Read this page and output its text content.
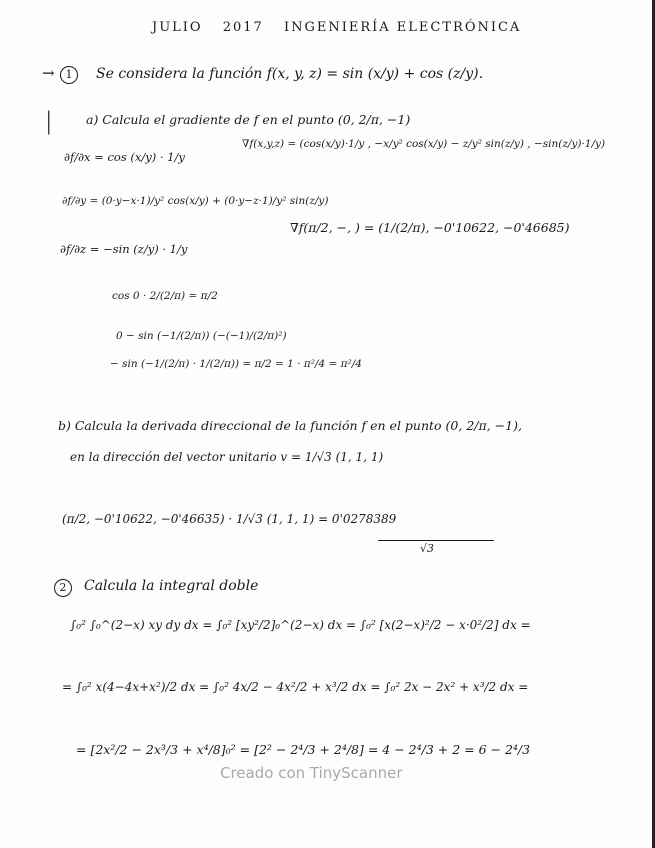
JULIO 2017 INGENIERÍA ELECTRÓNICA
→ 1	Se considera la función f(x, y, z) = sin (x/y) + cos (z/y).
a) Calcula el gradiente de f en el punto (0, 2/π, −1)
∂f/∂x = cos (x/y) · 1/y
∇f(x,y,z) = (cos(x/y)·1/y , −x/y² cos(x/y) − z/y² sin(z/y) , −sin(z/y)·1/y)
∂f/∂y = (0·y−x·1)/y² cos(x/y) + (0·y−z·1)/y² sin(z/y)
∇f(π/2, −, ) = (1/(2/π), −0'10622, −0'46685)
∂f/∂z = −sin (z/y) · 1/y
cos 0 · 2/(2/π) = π/2
0 − sin (−1/(2/π)) (−(−1)/(2/π)²)
− sin (−1/(2/π) · 1/(2/π)) = π/2 = 1 · π²/4 = π²/4
b) Calcula la derivada direccional de la función f en el punto (0, 2/π, −1),
en la dirección del vector unitario v = 1/√3 (1, 1, 1)
(π/2, −0'10622, −0'46635) · 1/√3 (1, 1, 1) = 0'0278389
√3
2	Calcula la integral doble
∫₀² ∫₀^(2−x) xy dy dx = ∫₀² [xy²/2]₀^(2−x) dx = ∫₀² [x(2−x)²/2 − x·0²/2] dx =
= ∫₀² x(4−4x+x²)/2 dx = ∫₀² 4x/2 − 4x²/2 + x³/2 dx = ∫₀² 2x − 2x² + x³/2 dx =
= [2x²/2 − 2x³/3 + x⁴/8]₀² = [2² − 2⁴/3 + 2⁴/8] = 4 − 2⁴/3 + 2 = 6 − 2⁴/3
Creado con TinyScanner
